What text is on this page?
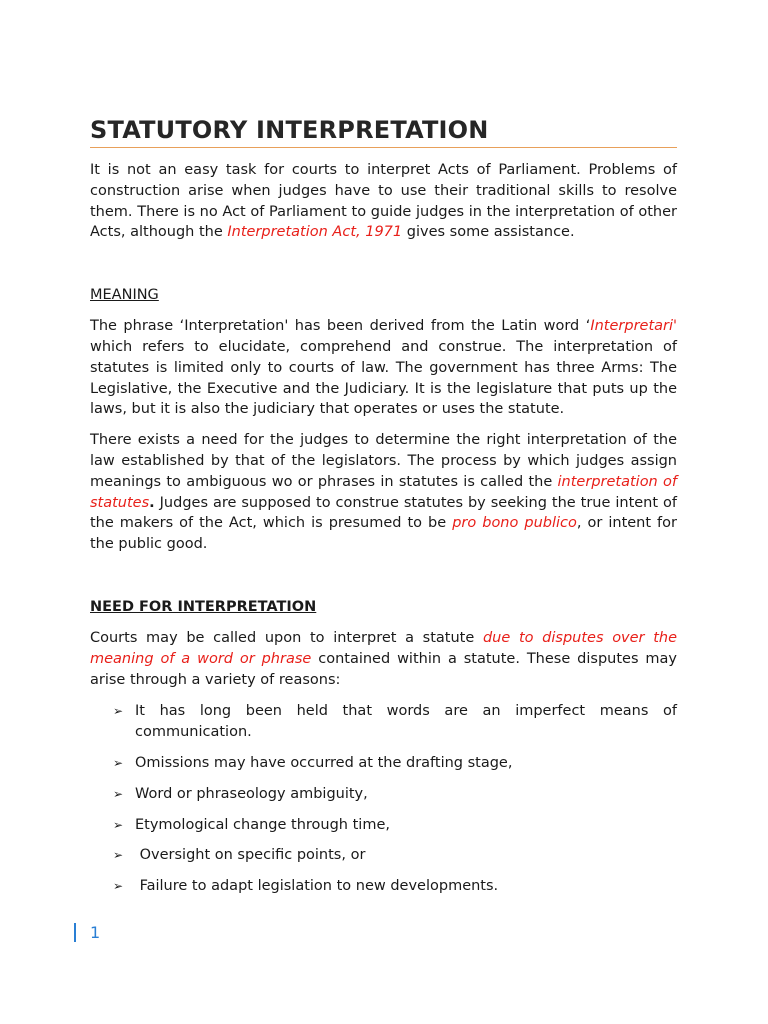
STATUTORY INTERPRETATION

It is not an easy task for courts to interpret Acts of Parliament. Problems of construction arise when judges have to use their traditional skills to resolve them. There is no Act of Parliament to guide judges in the interpretation of other Acts, although the Interpretation Act, 1971 gives some assistance.

MEANING

The phrase ‘Interpretation' has been derived from the Latin word ‘Interpretari' which refers to elucidate, comprehend and construe. The interpretation of statutes is limited only to courts of law. The government has three Arms: The Legislative, the Executive and the Judiciary. It is the legislature that puts up the laws, but it is also the judiciary that operates or uses the statute.

There exists a need for the judges to determine the right interpretation of the law established by that of the legislators. The process by which judges assign meanings to ambiguous wo or phrases in statutes is called the interpretation of statutes. Judges are supposed to construe statutes by seeking the true intent of the makers of the Act, which is presumed to be pro bono publico, or intent for the public good.

NEED FOR INTERPRETATION

Courts may be called upon to interpret a statute due to disputes over the meaning of a word or phrase contained within a statute. These disputes may arise through a variety of reasons:

➢ It has long been held that words are an imperfect means of communication.
➢ Omissions may have occurred at the drafting stage,
➢ Word or phraseology ambiguity,
➢ Etymological change through time,
➢ Oversight on specific points, or
➢ Failure to adapt legislation to new developments.
1
